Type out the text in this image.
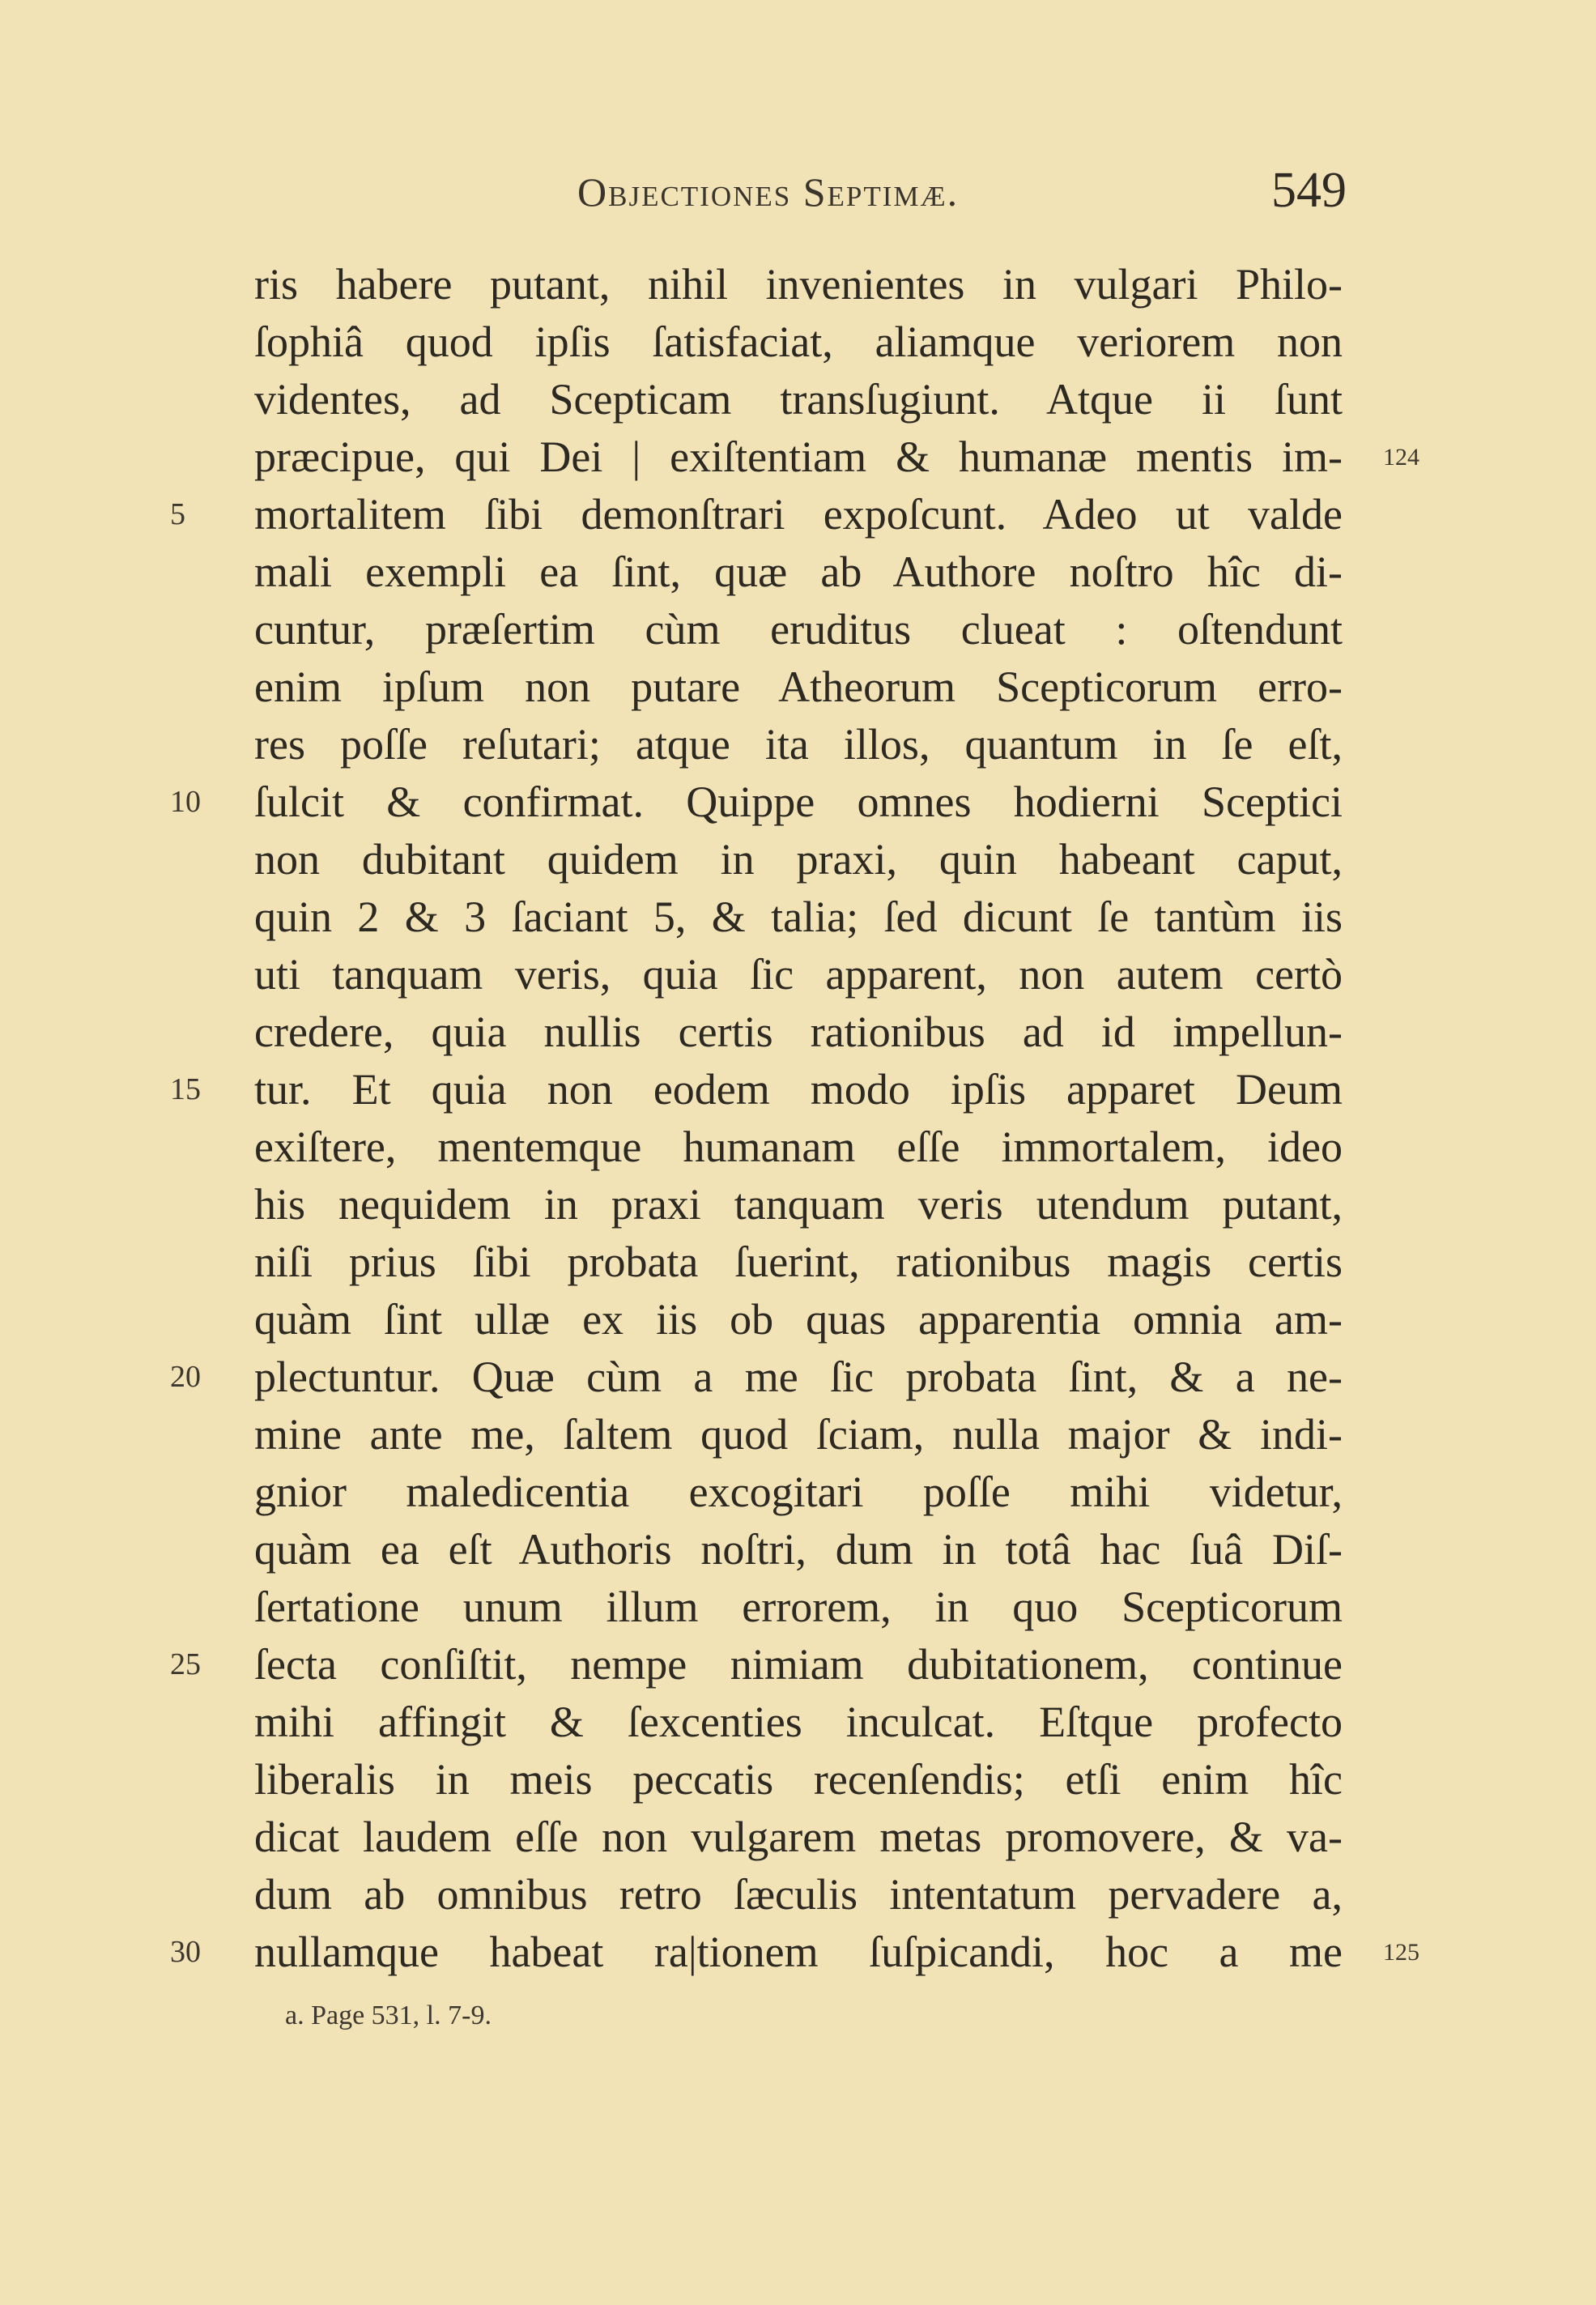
Objectiones Septimæ.	549
ris habere putant, nihil invenientes in vulgari Philo-
ſophiâ quod ipſis ſatisfaciat, aliamque veriorem non
videntes, ad Scepticam transſugiunt. Atque ii ſunt
præcipue, qui Dei | exiſtentiam & humanæ mentis im- 124
mortalitem ſibi demonſtrari expoſcunt. Adeo ut valde
5
mali exempli ea ſint, quæ ab Authore noſtro hîc di-
cuntur, præſertim cùm eruditus clueat : oſtendunt
enim ipſum non putare Atheorum Scepticorum erro-
res poſſe reſutari; atque ita illos, quantum in ſe eſt,
ſulcit & confirmat. Quippe omnes hodierni Sceptici
10
non dubitant quidem in praxi, quin habeant caput,
quin 2 & 3 ſaciant 5, & talia; ſed dicunt ſe tantùm iis
uti tanquam veris, quia ſic apparent, non autem certò
credere, quia nullis certis rationibus ad id impellun-
tur. Et quia non eodem modo ipſis apparet Deum
15
exiſtere, mentemque humanam eſſe immortalem, ideo
his nequidem in praxi tanquam veris utendum putant,
niſi prius ſibi probata ſuerint, rationibus magis certis
quàm ſint ullæ ex iis ob quas apparentia omnia am-
plectuntur. Quæ cùm a me ſic probata ſint, & a ne-
20
mine ante me, ſaltem quod ſciam, nulla major & indi-
gnior maledicentia excogitari poſſe mihi videtur,
quàm ea eſt Authoris noſtri, dum in totâ hac ſuâ Diſ-
ſertatione unum illum errorem, in quo Scepticorum
ſecta conſiſtit, nempe nimiam dubitationem, continue
25
mihi affingit & ſexcenties inculcat. Eſtque profecto
liberalis in meis peccatis recenſendis; etſi enim hîc
dicat laudem eſſe non vulgarem metas promovere, & va-
dum ab omnibus retro ſæculis intentatum pervadere a,
nullamque habeat ra|tionem ſuſpicandi, hoc a me
30	125
a. Page 531, l. 7-9.
